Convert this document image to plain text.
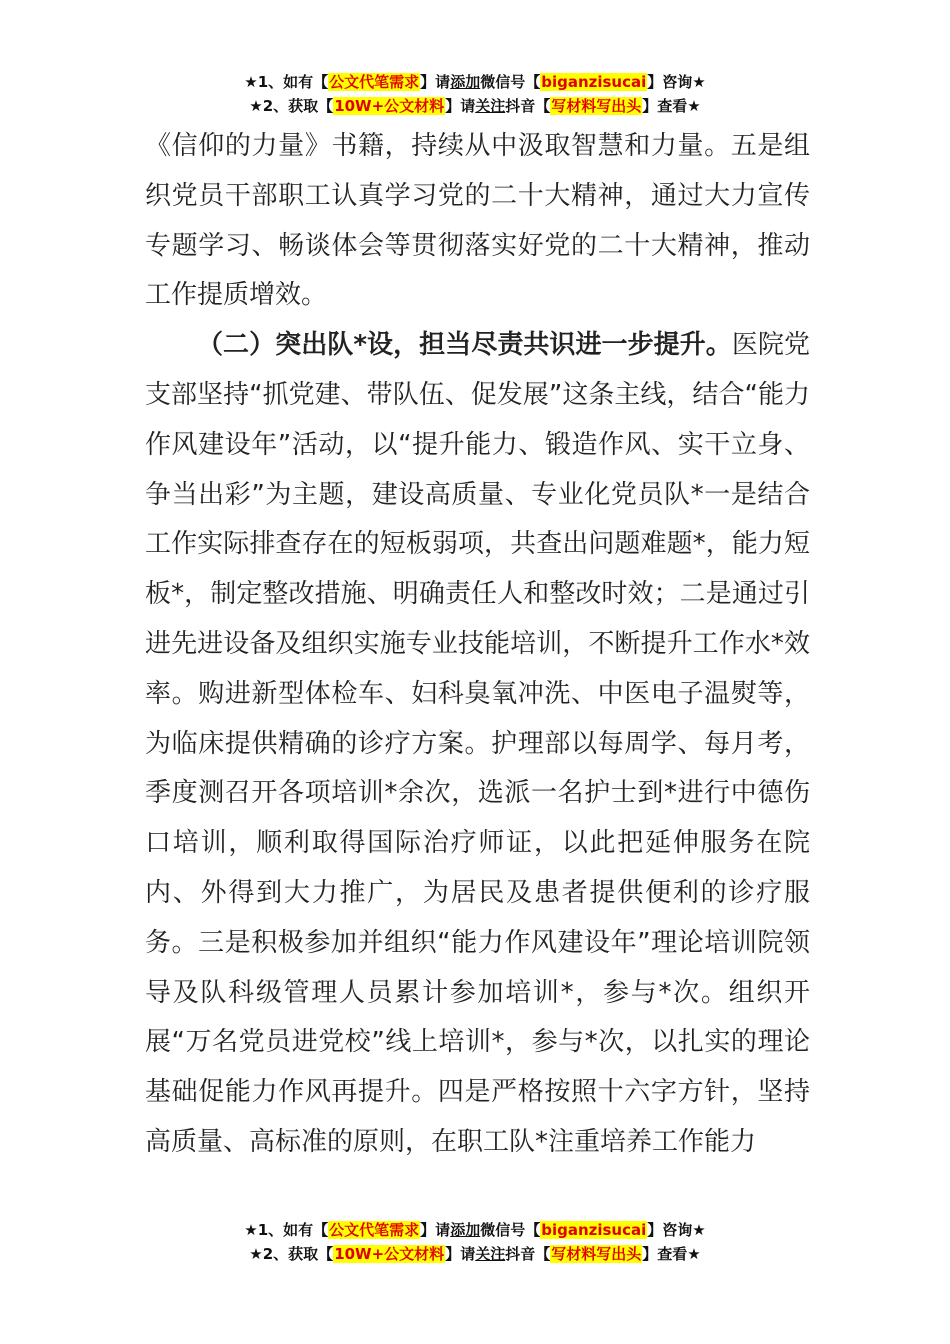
★1、如有【公文代笔需求】请添加微信号【biganzisucai】咨询★
★2、获取【10W+公文材料】请关注抖音【写材料写出头】查看★

《信仰的力量》书籍，持续从中汲取智慧和力量。五是组织党员干部职工认真学习党的二十大精神，通过大力宣传专题学习、畅谈体会等贯彻落实好党的二十大精神，推动工作提质增效。

（二）突出队*设，担当尽责共识进一步提升。医院党支部坚持“抓党建、带队伍、促发展”这条主线，结合“能力作风建设年”活动，以“提升能力、锻造作风、实干立身、争当出彩”为主题，建设高质量、专业化党员队*一是结合工作实际排查存在的短板弱项，共查出问题难题*，能力短板*，制定整改措施、明确责任人和整改时效；二是通过引进先进设备及组织实施专业技能培训，不断提升工作水*效率。购进新型体检车、妇科臭氧冲洗、中医电子温熨等，为临床提供精确的诊疗方案。护理部以每周学、每月考，季度测召开各项培训*余次，选派一名护士到*进行中德伤口培训，顺利取得国际治疗师证，以此把延伸服务在院内、外得到大力推广，为居民及患者提供便利的诊疗服务。三是积极参加并组织“能力作风建设年”理论培训院领导及队科级管理人员累计参加培训*，参与*次。组织开展“万名党员进党校”线上培训*，参与*次，以扎实的理论基础促能力作风再提升。四是严格按照十六字方针，坚持高质量、高标准的原则，在职工队*注重培养工作能力

★1、如有【公文代笔需求】请添加微信号【biganzisucai】咨询★
★2、获取【10W+公文材料】请关注抖音【写材料写出头】查看★
